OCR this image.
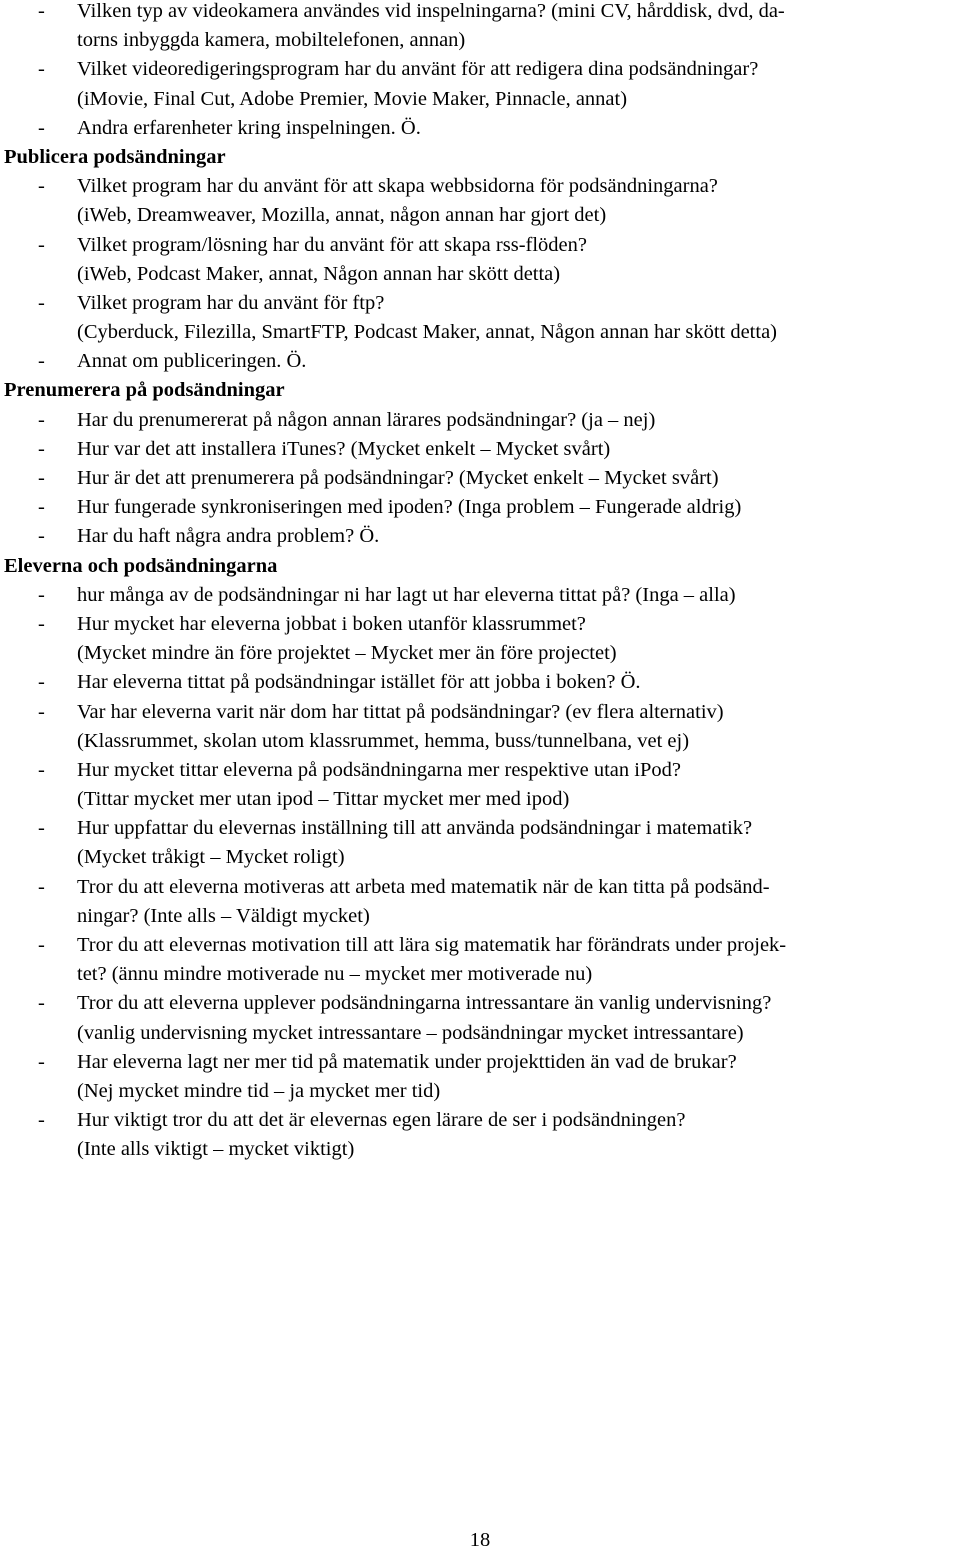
- Vilken typ av videokamera användes vid inspelningarna? (mini CV, hårddisk, dvd, da-
torns inbyggda kamera, mobiltelefonen, annan)
- Vilket videoredigeringsprogram har du använt för att redigera dina podsändningar?
(iMovie, Final Cut, Adobe Premier, Movie Maker, Pinnacle, annat)
- Andra erfarenheter kring inspelningen. Ö.
Publicera podsändningar
- Vilket program har du använt för att skapa webbsidorna för podsändningarna?
(iWeb, Dreamweaver, Mozilla, annat, någon annan har gjort det)
- Vilket program/lösning har du använt för att skapa rss-flöden?
(iWeb, Podcast Maker, annat, Någon annan har skött detta)
- Vilket program har du använt för ftp?
(Cyberduck, Filezilla, SmartFTP, Podcast Maker, annat, Någon annan har skött detta)
- Annat om publiceringen. Ö.
Prenumerera på podsändningar
- Har du prenumererat på någon annan lärares podsändningar? (ja – nej)
- Hur var det att installera iTunes? (Mycket enkelt – Mycket svårt)
- Hur är det att prenumerera på podsändningar? (Mycket enkelt – Mycket svårt)
- Hur fungerade synkroniseringen med ipoden? (Inga problem – Fungerade aldrig)
- Har du haft några andra problem? Ö.
Eleverna och podsändningarna
- hur många av de podsändningar ni har lagt ut har eleverna tittat på? (Inga – alla)
- Hur mycket har eleverna jobbat i boken utanför klassrummet?
(Mycket mindre än före projektet – Mycket mer än före projectet)
- Har eleverna tittat på podsändningar istället för att jobba i boken? Ö.
- Var har eleverna varit när dom har tittat på podsändningar? (ev flera alternativ)
(Klassrummet, skolan utom klassrummet, hemma, buss/tunnelbana, vet ej)
- Hur mycket tittar eleverna på podsändningarna mer respektive utan iPod?
(Tittar mycket mer utan ipod – Tittar mycket mer med ipod)
- Hur uppfattar du elevernas inställning till att använda podsändningar i matematik?
(Mycket tråkigt – Mycket roligt)
- Tror du att eleverna motiveras att arbeta med matematik när de kan titta på podsänd-
ningar? (Inte alls – Väldigt mycket)
- Tror du att elevernas motivation till att lära sig matematik har förändrats under projek-
tet? (ännu mindre motiverade nu – mycket mer motiverade nu)
- Tror du att eleverna upplever podsändningarna intressantare än vanlig undervisning?
(vanlig undervisning mycket intressantare – podsändningar mycket intressantare)
- Har eleverna lagt ner mer tid på matematik under projekttiden än vad de brukar?
(Nej mycket mindre tid – ja mycket mer tid)
- Hur viktigt tror du att det är elevernas egen lärare de ser i podsändningen?
(Inte alls viktigt – mycket viktigt)
18
